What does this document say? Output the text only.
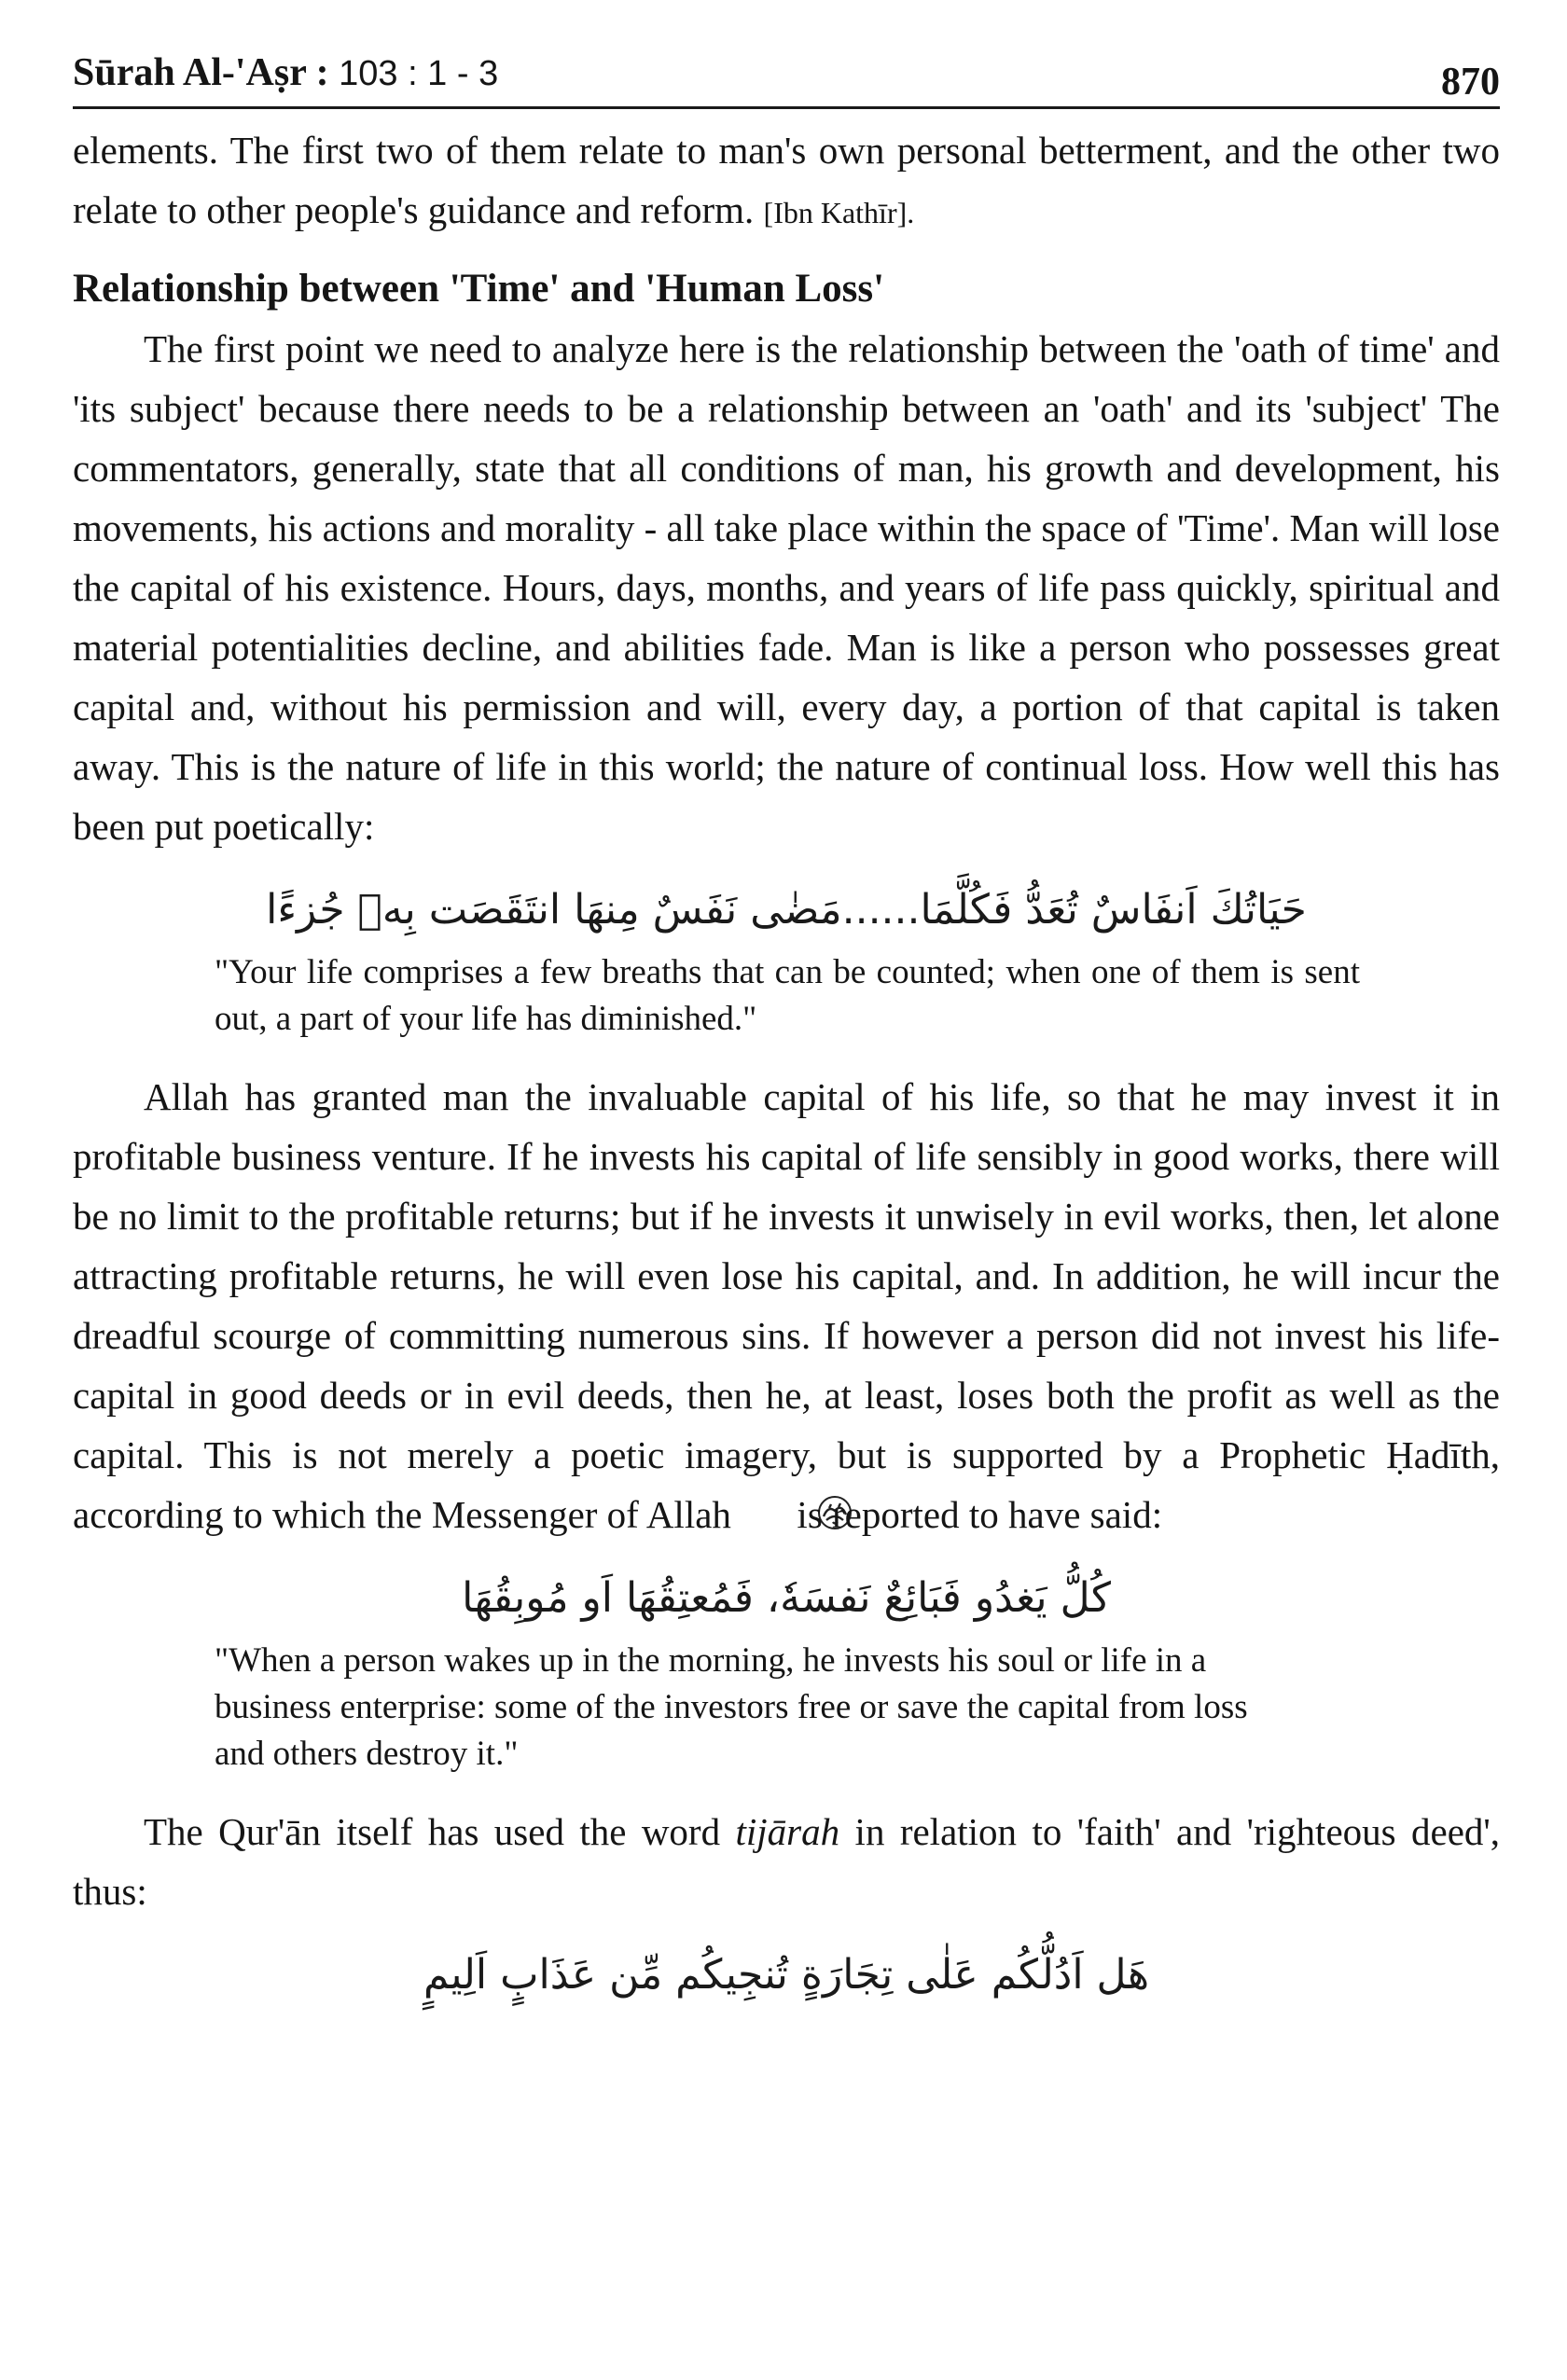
Sūrah Al-'Aṣr : 103 : 1 - 3	870

elements. The first two of them relate to man's own personal betterment, and the other two relate to other people's guidance and reform. [Ibn Kathīr].

Relationship between 'Time' and 'Human Loss'

The first point we need to analyze here is the relationship between the 'oath of time' and 'its subject' because there needs to be a relationship between an 'oath' and its 'subject' The commentators, generally, state that all conditions of man, his growth and development, his movements, his actions and morality - all take place within the space of 'Time'. Man will lose the capital of his existence. Hours, days, months, and years of life pass quickly, spiritual and material potentialities decline, and abilities fade. Man is like a person who possesses great capital and, without his permission and will, every day, a portion of that capital is taken away. This is the nature of life in this world; the nature of continual loss. How well this has been put poetically:

حَيَاتُكَ اَنفَاسٌ تُعَدُّ فَكُلَّمَا......مَضٰى نَفَسٌ مِنهَا انتَقَصَت بِهٖ جُزءًا

"Your life comprises a few breaths that can be counted; when one of them is sent out, a part of your life has diminished."

Allah has granted man the invaluable capital of his life, so that he may invest it in profitable business venture. If he invests his capital of life sensibly in good works, there will be no limit to the profitable returns; but if he invests it unwisely in evil works, then, let alone attracting profitable returns, he will even lose his capital, and. In addition, he will incur the dreadful scourge of committing numerous sins. If however a person did not invest his life-capital in good deeds or in evil deeds, then he, at least, loses both the profit as well as the capital. This is not merely a poetic imagery, but is supported by a Prophetic Ḥadīth, according to which the Messenger of Allah is reported to have said:

كُلُّ يَغدُو فَبَائِعٌ نَفسَهٗ، فَمُعتِقُهَا اَو مُوبِقُهَا

"When a person wakes up in the morning, he invests his soul or life in a business enterprise: some of the investors free or save the capital from loss and others destroy it."

The Qur'ān itself has used the word tijārah in relation to 'faith' and 'righteous deed', thus:

هَل اَدُلُّكُم عَلٰى تِجَارَةٍ تُنجِيكُم مِّن عَذَابٍ اَلِيمٍ
